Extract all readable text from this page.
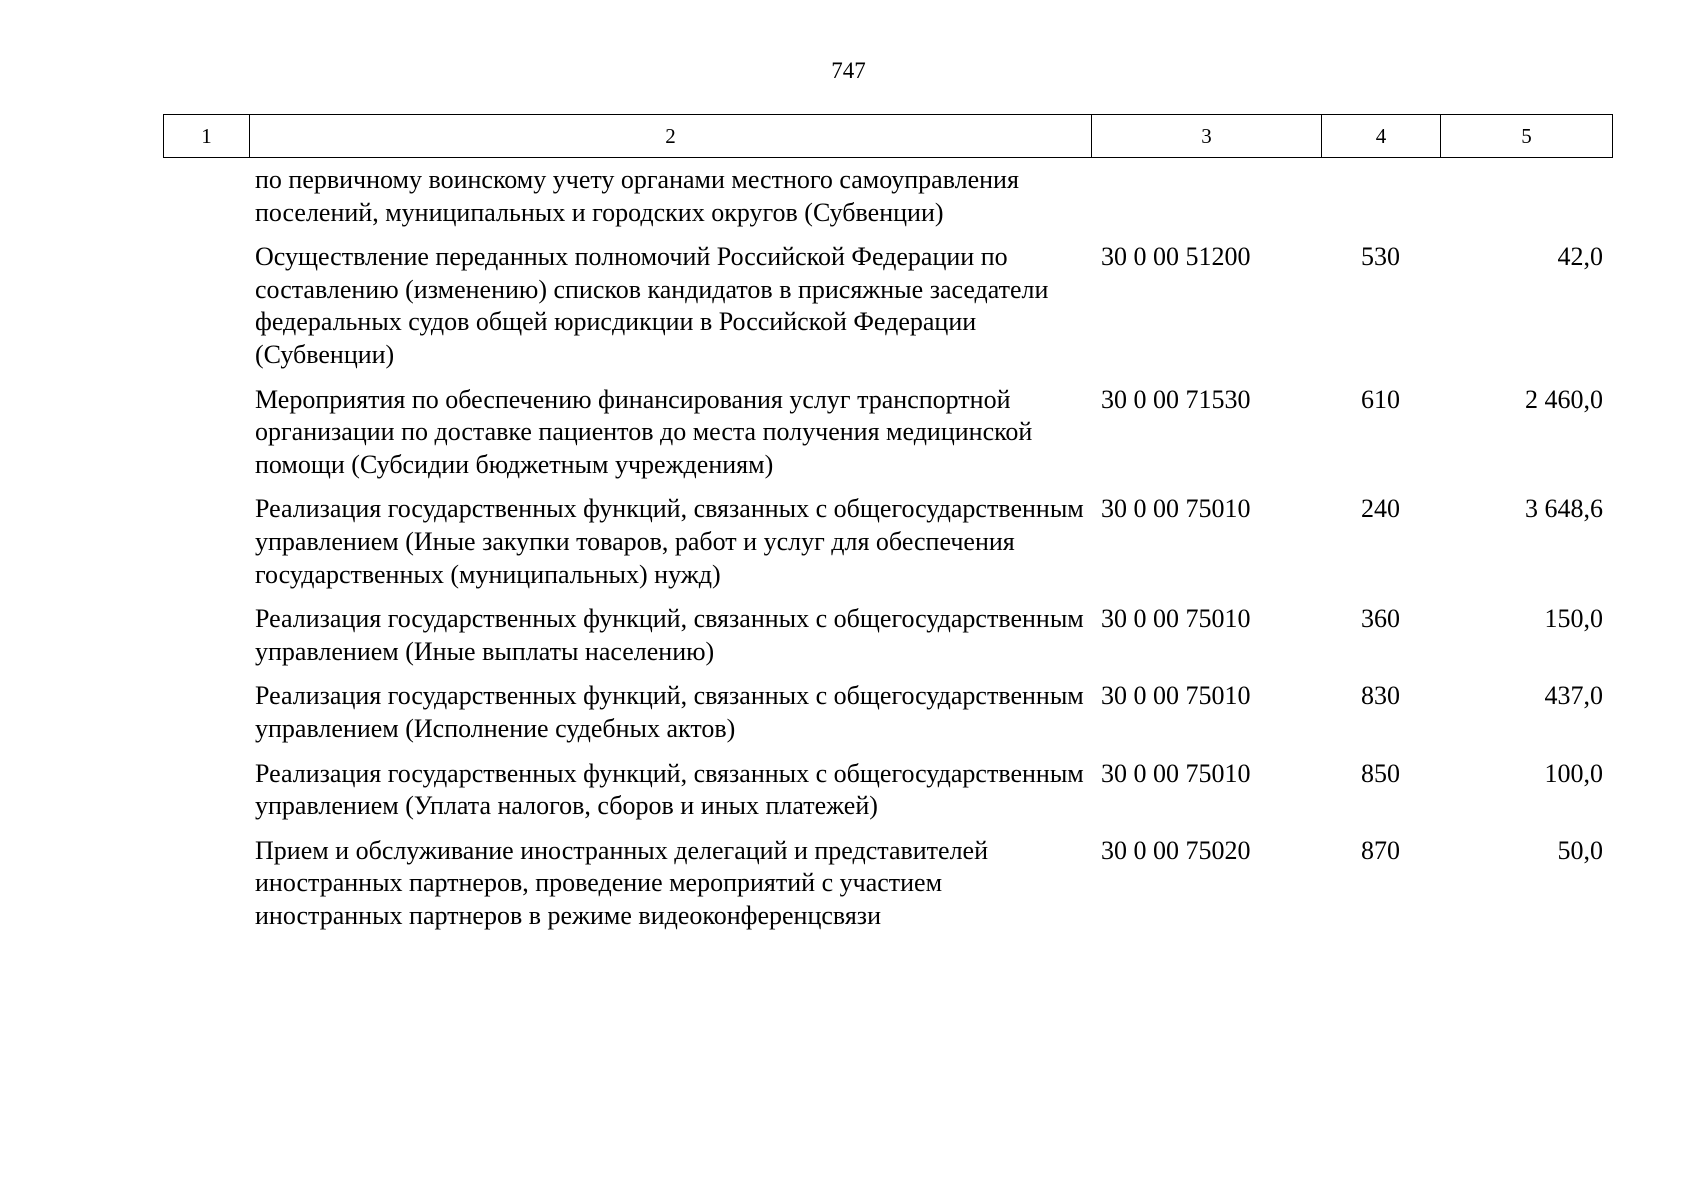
747
1	2	3	4	5
по первичному воинскому учету органами местного самоуправления поселений, муниципальных и городских округов (Субвенции)
Осуществление переданных полномочий Российской Федерации по составлению (изменению) списков кандидатов в присяжные заседатели федеральных судов общей юрисдикции в Российской Федерации (Субвенции)
30 0 00 51200	530	42,0
Мероприятия по обеспечению финансирования услуг транспортной организации по доставке пациентов до места получения медицинской помощи (Субсидии бюджетным учреждениям)
30 0 00 71530	610	2 460,0
Реализация государственных функций, связанных с общегосударственным управлением (Иные закупки товаров, работ и услуг для обеспечения государственных (муниципальных) нужд)
30 0 00 75010	240	3 648,6
Реализация государственных функций, связанных с общегосударственным управлением (Иные выплаты населению)
30 0 00 75010	360	150,0
Реализация государственных функций, связанных с общегосударственным управлением (Исполнение судебных актов)
30 0 00 75010	830	437,0
Реализация государственных функций, связанных с общегосударственным управлением (Уплата налогов, сборов и иных платежей)
30 0 00 75010	850	100,0
Прием и обслуживание иностранных делегаций и представителей иностранных партнеров, проведение мероприятий с участием иностранных партнеров в режиме видеоконференцсвязи
30 0 00 75020	870	50,0
